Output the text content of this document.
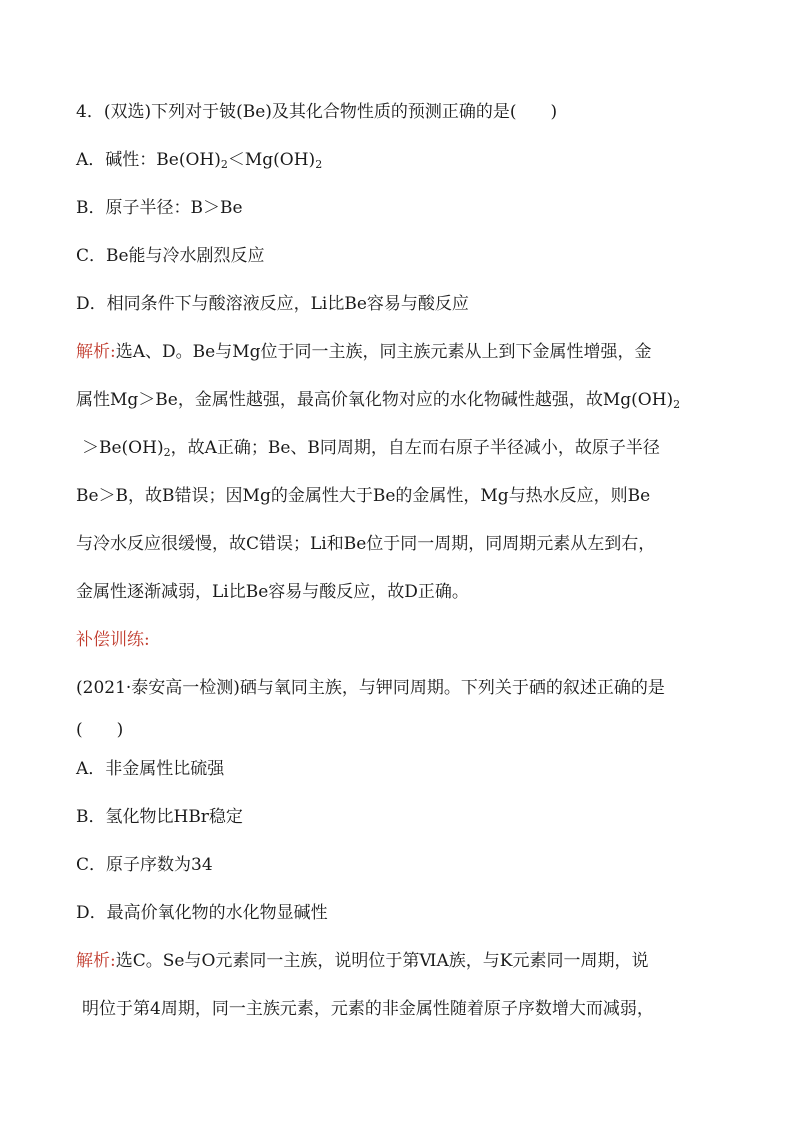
4．(双选)下列对于铍(Be)及其化合物性质的预测正确的是(　　)
A．碱性：$Be(OH)_2<Mg(OH)_2$
B．原子半径：B＞Be
C．Be能与冷水剧烈反应
D．相同条件下与酸溶液反应，Li比Be容易与酸反应
解析:选A、D。Be与Mg位于同一主族，同主族元素从上到下金属性增强，金
属性Mg＞Be，金属性越强，最高价氧化物对应的水化物碱性越强，故$Mg(OH)_2$
$>Be(OH)_2$，故A正确；Be、B同周期，自左而右原子半径减小，故原子半径
Be＞B，故B错误；因Mg的金属性大于Be的金属性，Mg与热水反应，则Be
与冷水反应很缓慢，故C错误；Li和Be位于同一周期，同周期元素从左到右，
金属性逐渐减弱，Li比Be容易与酸反应，故D正确。
补偿训练:
(2021·泰安高一检测)硒与氧同主族，与钾同周期。下列关于硒的叙述正确的是
(　　)
A．非金属性比硫强
B．氢化物比HBr稳定
C．原子序数为34
D．最高价氧化物的水化物显碱性
解析:选C。Se与O元素同一主族，说明位于第ⅥA族，与K元素同一周期，说
明位于第4周期，同一主族元素，元素的非金属性随着原子序数增大而减弱，
